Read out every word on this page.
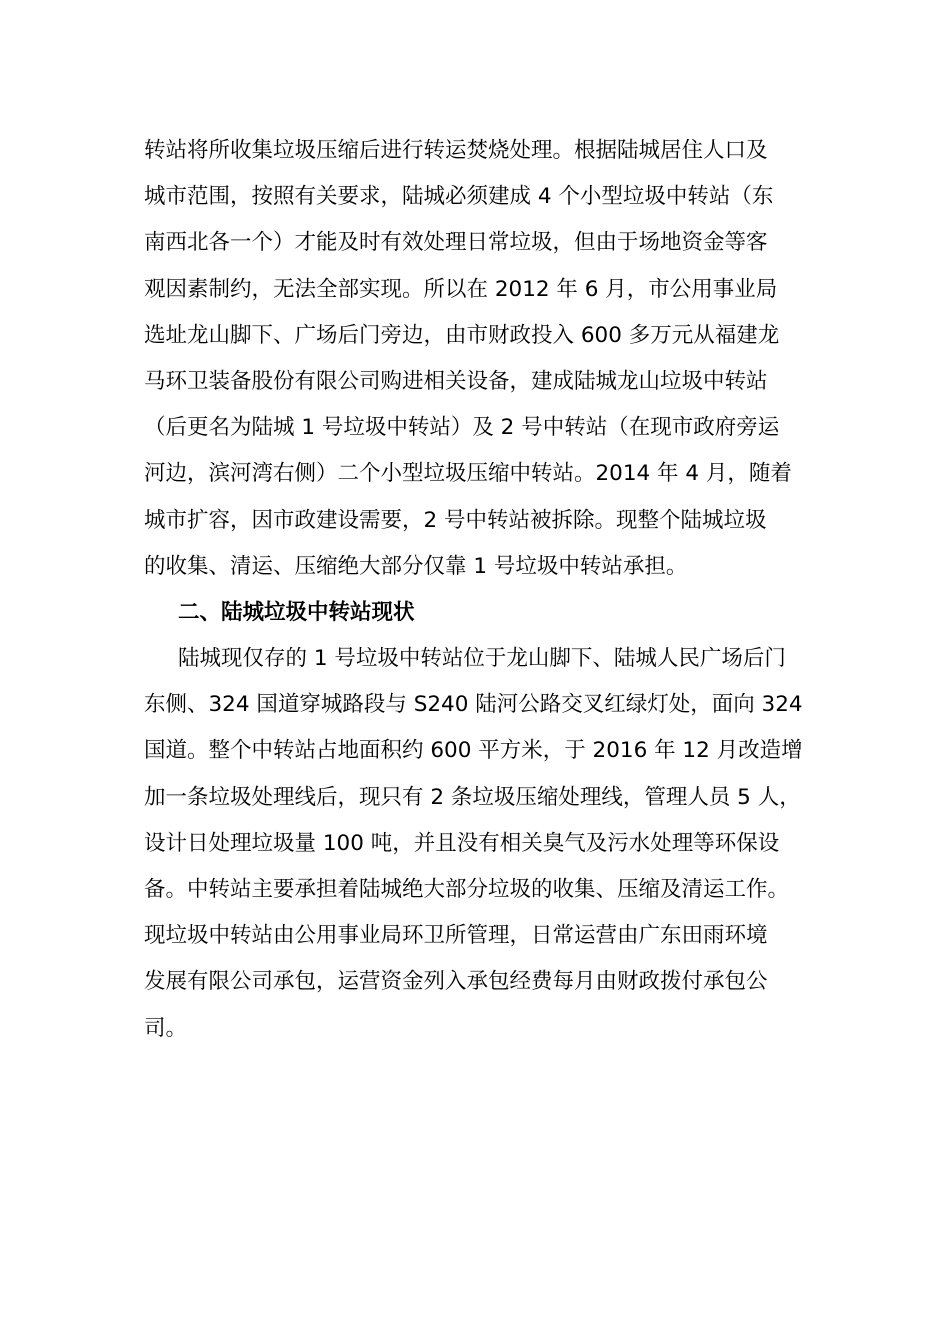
转站将所收集垃圾压缩后进行转运焚烧处理。根据陆城居住人口及
城市范围，按照有关要求，陆城必须建成 4 个小型垃圾中转站（东
南西北各一个）才能及时有效处理日常垃圾，但由于场地资金等客
观因素制约，无法全部实现。所以在 2012 年 6 月，市公用事业局
选址龙山脚下、广场后门旁边，由市财政投入 600 多万元从福建龙
马环卫装备股份有限公司购进相关设备，建成陆城龙山垃圾中转站
（后更名为陆城 1 号垃圾中转站）及 2 号中转站（在现市政府旁运
河边，滨河湾右侧）二个小型垃圾压缩中转站。2014 年 4 月，随着
城市扩容，因市政建设需要，2 号中转站被拆除。现整个陆城垃圾
的收集、清运、压缩绝大部分仅靠 1 号垃圾中转站承担。
二、陆城垃圾中转站现状
陆城现仅存的 1 号垃圾中转站位于龙山脚下、陆城人民广场后门
东侧、324 国道穿城路段与 S240 陆河公路交叉红绿灯处，面向 324
国道。整个中转站占地面积约 600 平方米，于 2016 年 12 月改造增
加一条垃圾处理线后，现只有 2 条垃圾压缩处理线，管理人员 5 人，
设计日处理垃圾量 100 吨，并且没有相关臭气及污水处理等环保设
备。中转站主要承担着陆城绝大部分垃圾的收集、压缩及清运工作。
现垃圾中转站由公用事业局环卫所管理，日常运营由广东田雨环境
发展有限公司承包，运营资金列入承包经费每月由财政拨付承包公
司。
